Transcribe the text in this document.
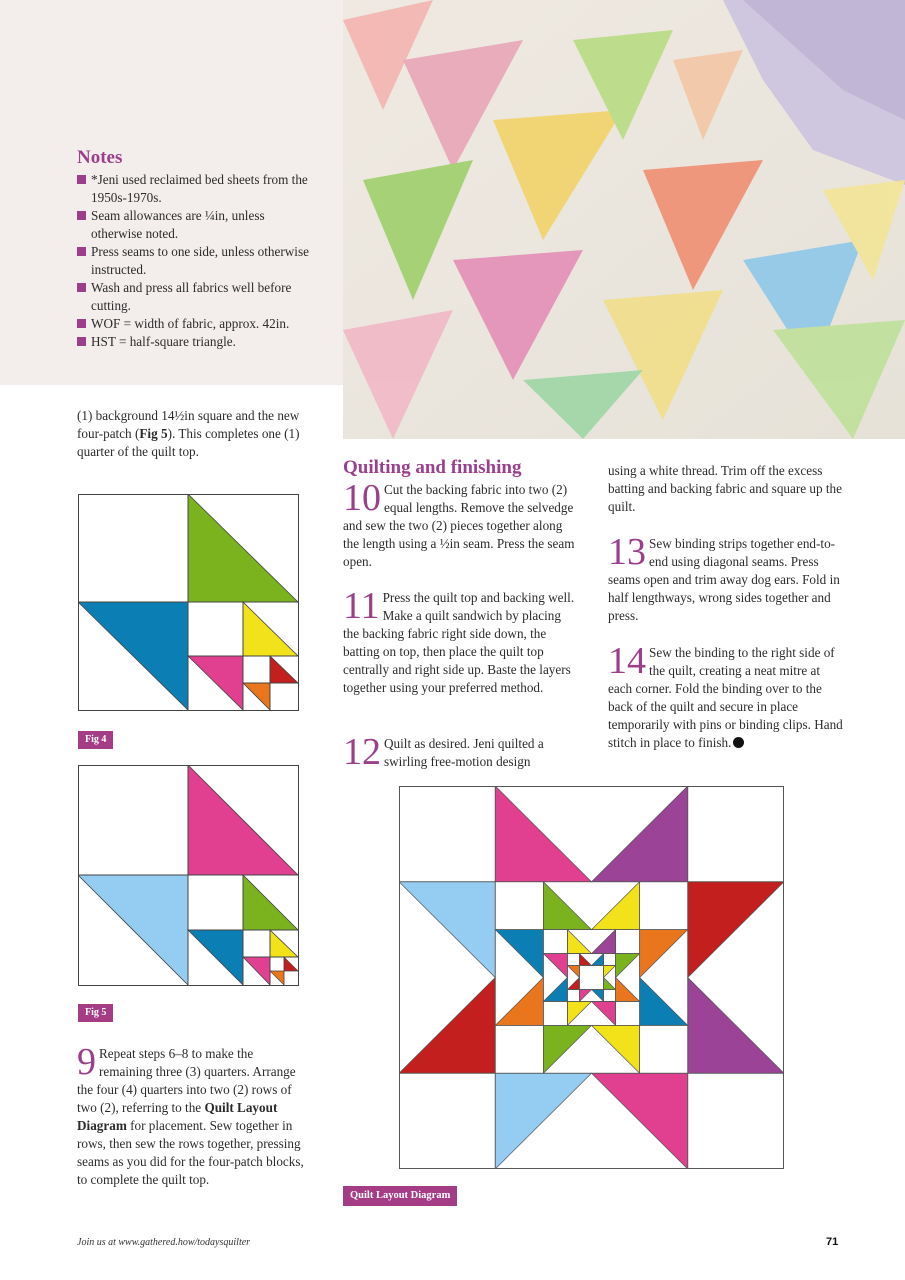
Notes
*Jeni used reclaimed bed sheets from the 1950s-1970s.
Seam allowances are ¼in, unless otherwise noted.
Press seams to one side, unless otherwise instructed.
Wash and press all fabrics well before cutting.
WOF = width of fabric, approx. 42in.
HST = half-square triangle.

(1) background 14½in square and the new four-patch (Fig 5). This completes one (1) quarter of the quilt top.

Fig 4
Fig 5
9 Repeat steps 6–8 to make the remaining three (3) quarters. Arrange the four (4) quarters into two (2) rows of two (2), referring to the Quilt Layout Diagram for placement. Sew together in rows, then sew the rows together, pressing seams as you did for the four-patch blocks, to complete the quilt top.
Quilting and finishing
10 Cut the backing fabric into two (2) equal lengths. Remove the selvedge and sew the two (2) pieces together along the length using a ½in seam. Press the seam open.
11 Press the quilt top and backing well. Make a quilt sandwich by placing the backing fabric right side down, the batting on top, then place the quilt top centrally and right side up. Baste the layers together using your preferred method.
12 Quilt as desired. Jeni quilted a swirling free-motion design
using a white thread. Trim off the excess batting and backing fabric and square up the quilt.
13 Sew binding strips together end-to-end using diagonal seams. Press seams open and trim away dog ears. Fold in half lengthways, wrong sides together and press.
14 Sew the binding to the right side of the quilt, creating a neat mitre at each corner. Fold the binding over to the back of the quilt and secure in place temporarily with pins or binding clips. Hand stitch in place to finish.
Quilt Layout Diagram
Join us at www.gathered.how/todaysquilter	71
